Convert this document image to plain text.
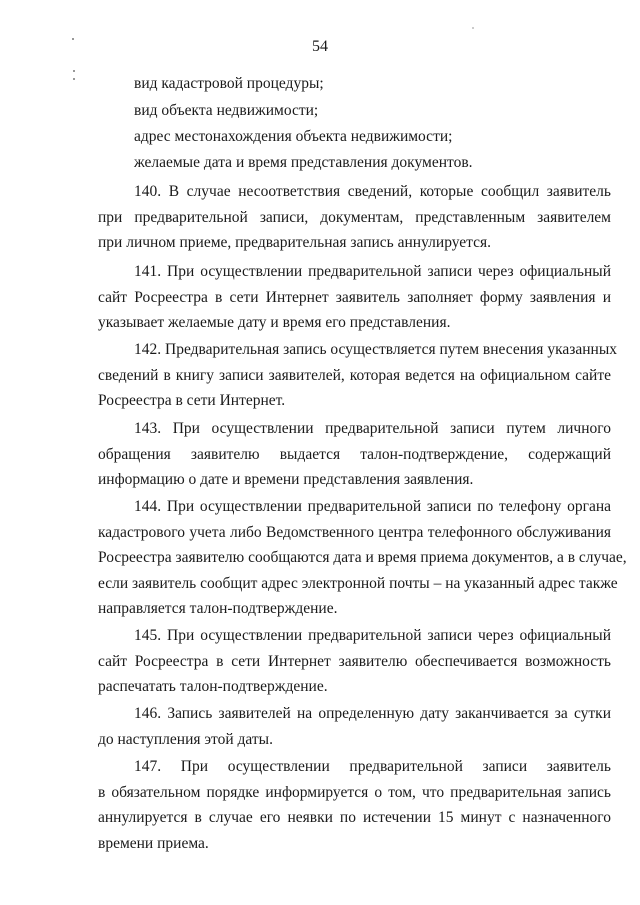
54
вид кадастровой процедуры;
вид объекта недвижимости;
адрес местонахождения объекта недвижимости;
желаемые дата и время представления документов.
140. В случае несоответствия сведений, которые сообщил заявитель
при предварительной записи, документам, представленным заявителем
при личном приеме, предварительная запись аннулируется.
141. При осуществлении предварительной записи через официальный
сайт Росреестра в сети Интернет заявитель заполняет форму заявления и
указывает желаемые дату и время его представления.
142. Предварительная запись осуществляется путем внесения указанных
сведений в книгу записи заявителей, которая ведется на официальном сайте
Росреестра в сети Интернет.
143. При осуществлении предварительной записи путем личного
обращения заявителю выдается талон-подтверждение, содержащий
информацию о дате и времени представления заявления.
144. При осуществлении предварительной записи по телефону органа
кадастрового учета либо Ведомственного центра телефонного обслуживания
Росреестра заявителю сообщаются дата и время приема документов, а в случае,
если заявитель сообщит адрес электронной почты – на указанный адрес также
направляется талон-подтверждение.
145. При осуществлении предварительной записи через официальный
сайт Росреестра в сети Интернет заявителю обеспечивается возможность
распечатать талон-подтверждение.
146. Запись заявителей на определенную дату заканчивается за сутки
до наступления этой даты.
147. При осуществлении предварительной записи заявитель
в обязательном порядке информируется о том, что предварительная запись
аннулируется в случае его неявки по истечении 15 минут с назначенного
времени приема.
